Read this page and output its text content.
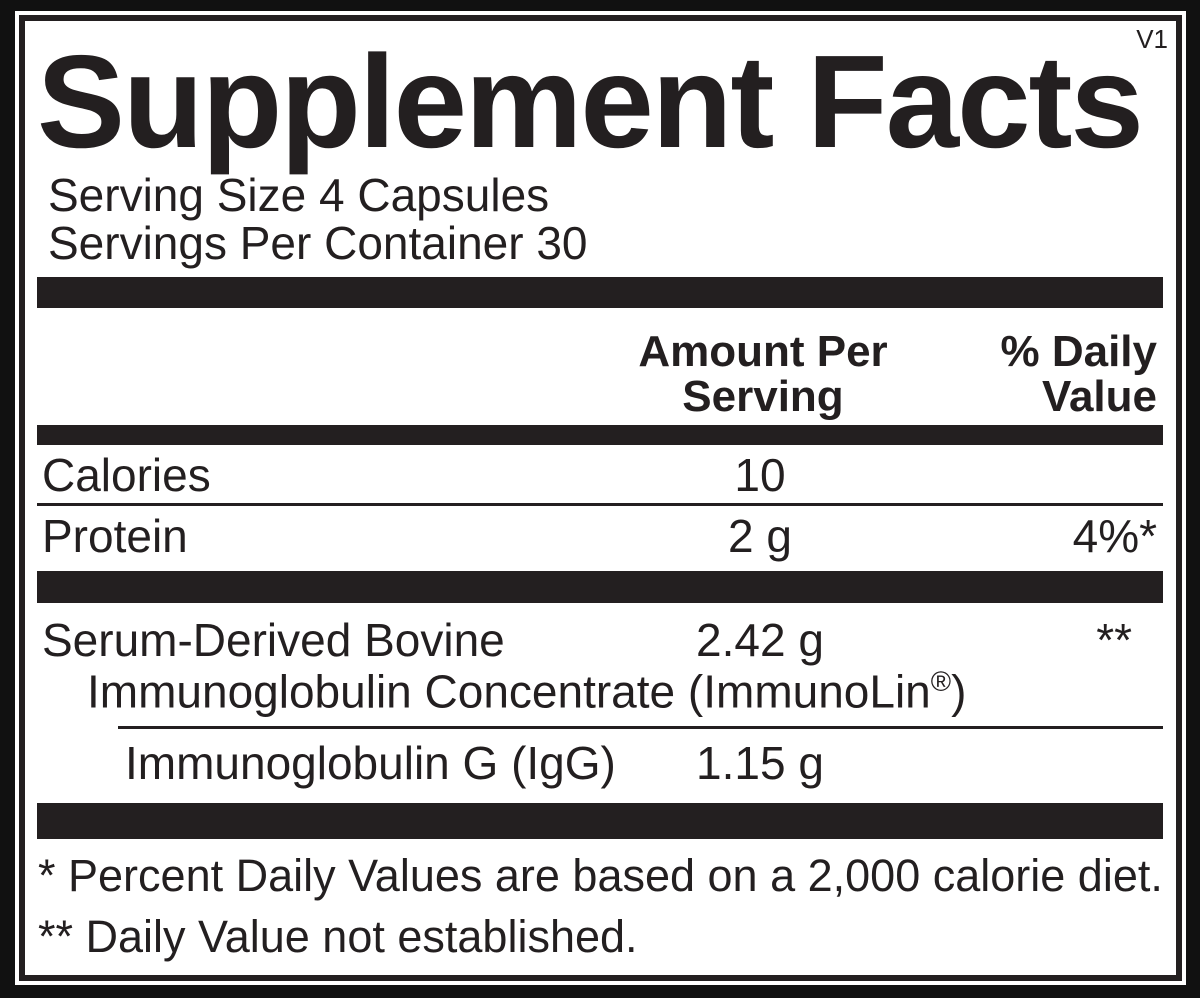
V1
Supplement Facts
Serving Size 4 Capsules
Servings Per Container 30
Amount Per
Serving
% Daily
Value
Calories	10
Protein	2 g	4%*
Serum-Derived Bovine	2.42 g	**
Immunoglobulin Concentrate (ImmunoLin®)
Immunoglobulin G (IgG)	1.15 g
* Percent Daily Values are based on a 2,000 calorie diet.
** Daily Value not established.
